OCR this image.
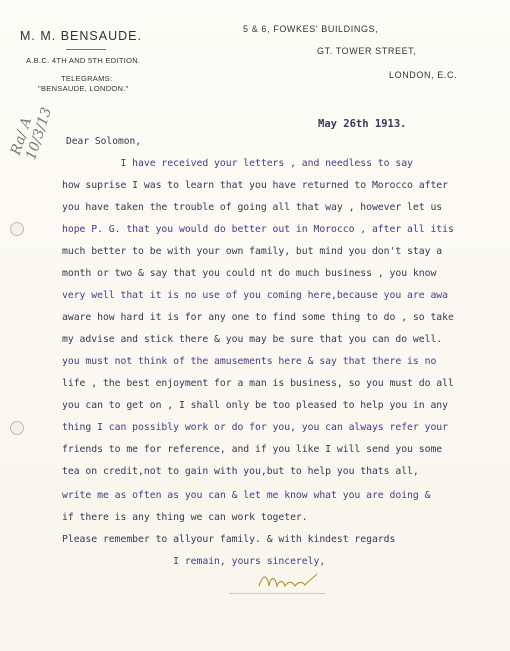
M. M. BENSAUDE.
A.B.C. 4TH AND 5TH EDITION.
TELEGRAMS:
"BENSAUDE, LONDON."
5 & 6, FOWKES' BUILDINGS,
GT. TOWER STREET,
LONDON, E.C.
Ra/ A 10/3/13	May 26th 1913.
Dear Solomon,
I have received your letters , and needless to say
how suprise I was to learn that you have returned to Morocco after
you have taken the trouble of going all that way , however let us
hope P. G. that you would do better out in Morocco , after all itis
much better to be with your own family, but mind you don't stay a
month or two & say that you could nt do much business , you know
very well that it is no use of you coming here,because you are awa
aware how hard it is for any one to find some thing to do , so take
my advise and stick there & you may be sure that you can do well.
you must not think of the amusements here & say that there is no
life , the best enjoyment for a man is business, so you must do all
you can to get on , I shall only be too pleased to help you in any
thing I can possibly work or do for you, you can always refer your
friends to me for reference, and if you like I will send you some
tea on credit,not to gain with you,but to help you thats all,
write me as often as you can & let me know what you are doing &
if there is any thing we can work togeter.
Please remember to allyour family. & with kindest regards
I remain, yours sincerely,
